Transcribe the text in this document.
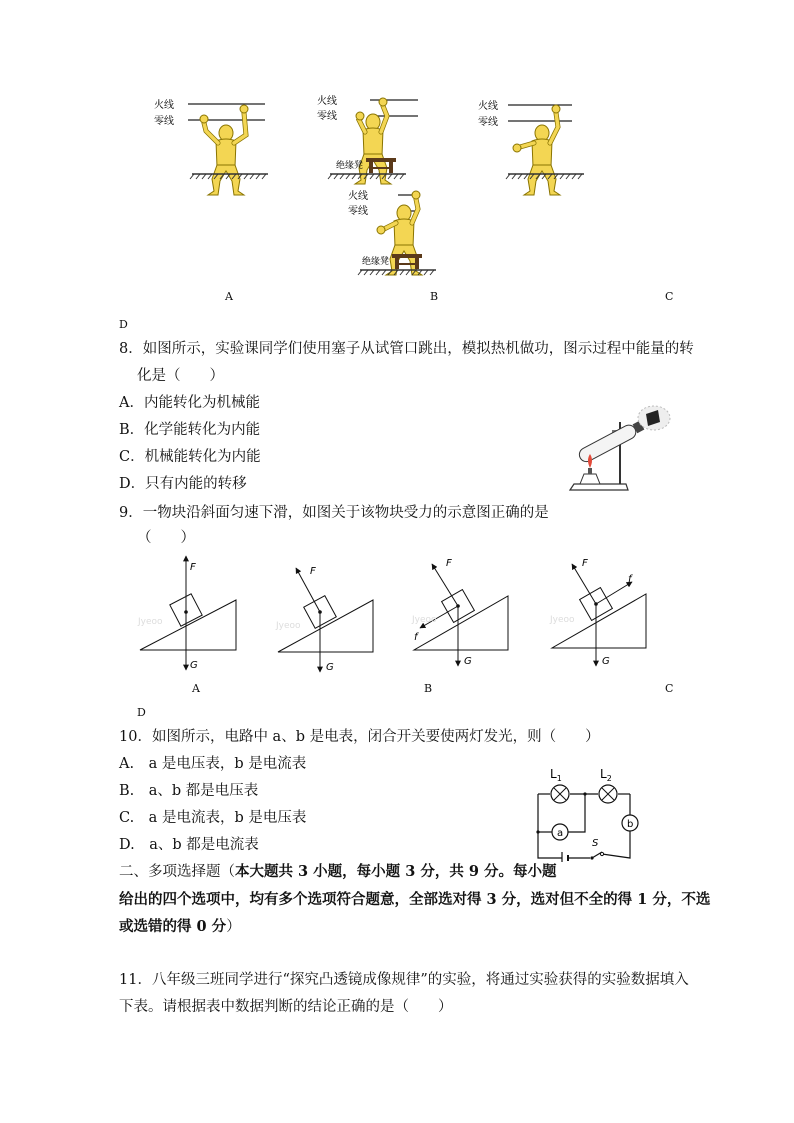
火线
零线
火线
零线
绝缘凳
火线
零线
火线
零线
绝缘凳
A	B	C
D
8．如图所示，实验课同学们使用塞子从试管口跳出，模拟热机做功，图示过程中能量的转
化是（　　）
A．内能转化为机械能
B．化学能转化为内能
C．机械能转化为内能
D．只有内能的转移
9．一物块沿斜面匀速下滑，如图关于该物块受力的示意图正确的是
（　　）
F
G
Jyeoo
F
G
Jyeoo
F
G
f
Jyeoo
F
G
f
Jyeoo
A	B	C
D
10．如图所示，电路中 a、b 是电表，闭合开关要使两灯发光，则（　　）
A.　a 是电压表，b 是电流表
B.　a、b 都是电压表
C.　a 是电流表，b 是电压表
D.　a、b 都是电流表	S
$L_1$	$L_2$
a
b
二、多项选择题（本大题共 3 小题，每小题 3 分，共 9 分。每小题
给出的四个选项中，均有多个选项符合题意，全部选对得 3 分，选对但不全的得 1 分，不选
或选错的得 0 分）
11．八年级三班同学进行“探究凸透镜成像规律”的实验，将通过实验获得的实验数据填入
下表。请根据表中数据判断的结论正确的是（　　）
